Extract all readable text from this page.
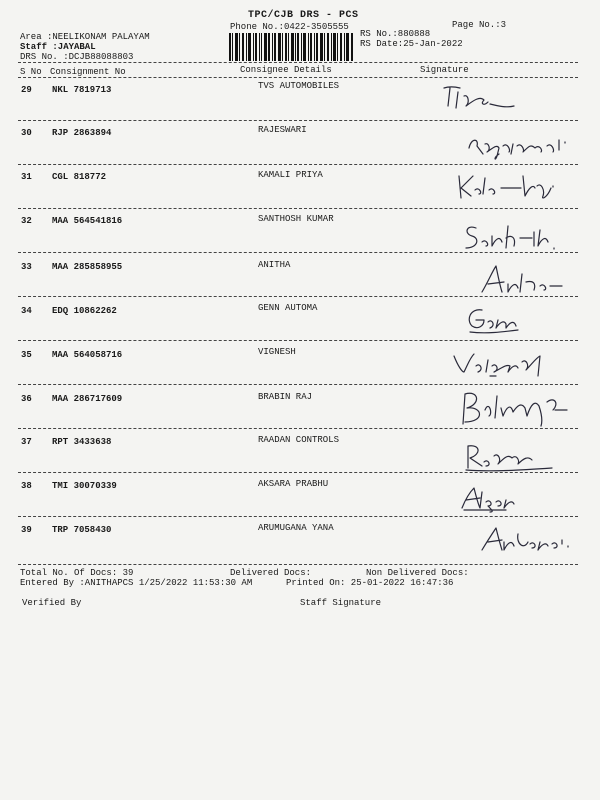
TPC/CJB DRS - PCS
Phone No.:0422-3505555	Page No.:3
Area :NEELIKONAM PALAYAM
Staff :JAYABAL
DRS No. :DCJB88088803
RS No.:880888
RS Date:25-Jan-2022
S No Consignment No	Consignee Details	Signature
29 NKL 7819713	TVS AUTOMOBILES
30 RJP 2863894	RAJESWARI
31 CGL 818772	KAMALI PRIYA
32 MAA 564541816	SANTHOSH KUMAR
33 MAA 285858955	ANITHA
34 EDQ 10862262	GENN AUTOMA
35 MAA 564058716	VIGNESH
36 MAA 286717609	BRABIN RAJ
37 RPT 3433638	RAADAN CONTROLS
38 TMI 30070339	AKSARA PRABHU
39 TRP 7058430	ARUMUGANA YANA
Total No. Of Docs: 39	Delivered Docs:	Non Delivered Docs:
Entered By :ANITHAPCS 1/25/2022 11:53:30 AM	Printed On: 25-01-2022 16:47:36
Verified By	Staff Signature
